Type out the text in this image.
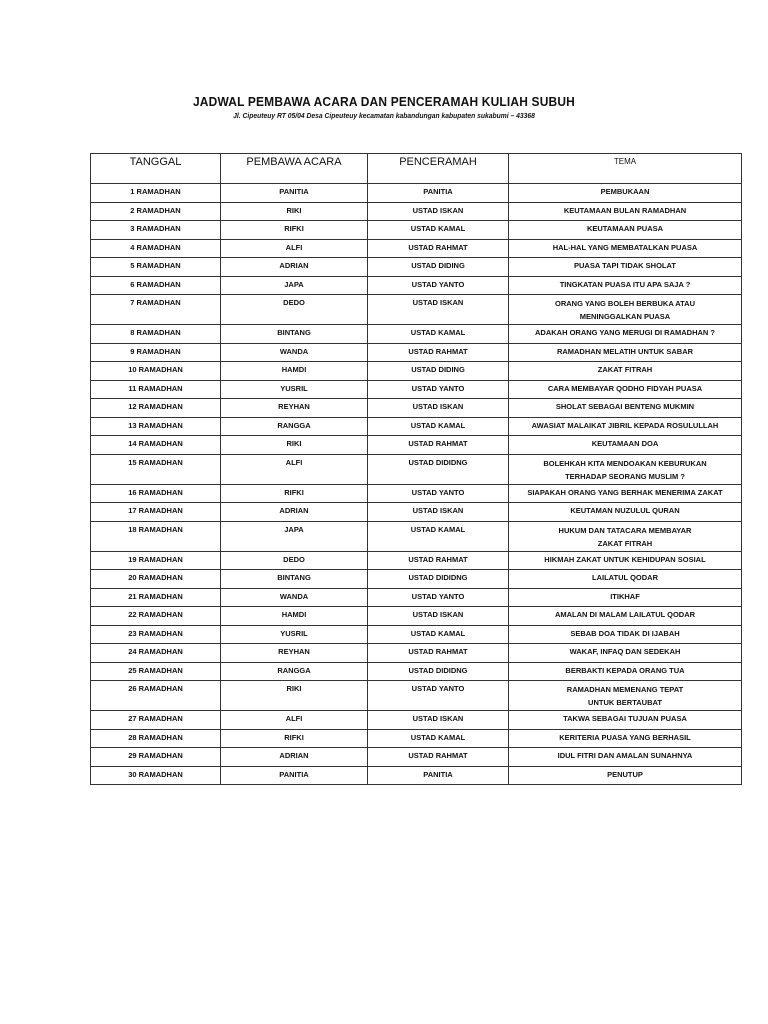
JADWAL PEMBAWA ACARA DAN PENCERAMAH KULIAH SUBUH
Jl. Cipeuteuy RT 05/04 Desa Cipeuteuy kecamatan kabandungan kabupaten sukabumi – 43368
TANGGAL	PEMBAWA ACARA	PENCERAMAH	TEMA
1 RAMADHAN	PANITIA	PANITIA	PEMBUKAAN
2 RAMADHAN	RIKI	USTAD ISKAN	KEUTAMAAN BULAN RAMADHAN
3 RAMADHAN	RIFKI	USTAD KAMAL	KEUTAMAAN PUASA
4 RAMADHAN	ALFI	USTAD RAHMAT	HAL-HAL YANG MEMBATALKAN PUASA
5 RAMADHAN	ADRIAN	USTAD DIDING	PUASA TAPI TIDAK SHOLAT
6 RAMADHAN	JAPA	USTAD YANTO	TINGKATAN PUASA ITU APA SAJA ?
7 RAMADHAN	DEDO	USTAD ISKAN	ORANG YANG BOLEH BERBUKA ATAU
MENINGGALKAN PUASA
8 RAMADHAN	BINTANG	USTAD KAMAL	ADAKAH ORANG YANG MERUGI DI RAMADHAN ?
9 RAMADHAN	WANDA	USTAD RAHMAT	RAMADHAN MELATIH UNTUK SABAR
10 RAMADHAN	HAMDI	USTAD DIDING	ZAKAT FITRAH
11 RAMADHAN	YUSRIL	USTAD YANTO	CARA MEMBAYAR QODHO FIDYAH PUASA
12 RAMADHAN	REYHAN	USTAD ISKAN	SHOLAT SEBAGAI BENTENG MUKMIN
13 RAMADHAN	RANGGA	USTAD KAMAL	AWASIAT MALAIKAT JIBRIL KEPADA ROSULULLAH
14 RAMADHAN	RIKI	USTAD RAHMAT	KEUTAMAAN DOA
15 RAMADHAN	ALFI	USTAD DIDIDNG	BOLEHKAH KITA MENDOAKAN KEBURUKAN
TERHADAP SEORANG MUSLIM ?
16 RAMADHAN	RIFKI	USTAD YANTO	SIAPAKAH ORANG YANG BERHAK MENERIMA ZAKAT
17 RAMADHAN	ADRIAN	USTAD ISKAN	KEUTAMAN NUZULUL QURAN
18 RAMADHAN	JAPA	USTAD KAMAL	HUKUM DAN TATACARA MEMBAYAR
ZAKAT FITRAH
19 RAMADHAN	DEDO	USTAD RAHMAT	HIKMAH ZAKAT UNTUK KEHIDUPAN SOSIAL
20 RAMADHAN	BINTANG	USTAD DIDIDNG	LAILATUL QODAR
21 RAMADHAN	WANDA	USTAD YANTO	ITIKHAF
22 RAMADHAN	HAMDI	USTAD ISKAN	AMALAN DI MALAM LAILATUL QODAR
23 RAMADHAN	YUSRIL	USTAD KAMAL	SEBAB DOA TIDAK DI IJABAH
24 RAMADHAN	REYHAN	USTAD RAHMAT	WAKAF, INFAQ DAN SEDEKAH
25 RAMADHAN	RANGGA	USTAD DIDIDNG	BERBAKTI KEPADA ORANG TUA
26 RAMADHAN	RIKI	USTAD YANTO	RAMADHAN MEMENANG TEPAT
UNTUK BERTAUBAT
27 RAMADHAN	ALFI	USTAD ISKAN	TAKWA SEBAGAI TUJUAN PUASA
28 RAMADHAN	RIFKI	USTAD KAMAL	KERITERIA PUASA YANG BERHASIL
29 RAMADHAN	ADRIAN	USTAD RAHMAT	IDUL FITRI DAN AMALAN SUNAHNYA
30 RAMADHAN	PANITIA	PANITIA	PENUTUP
